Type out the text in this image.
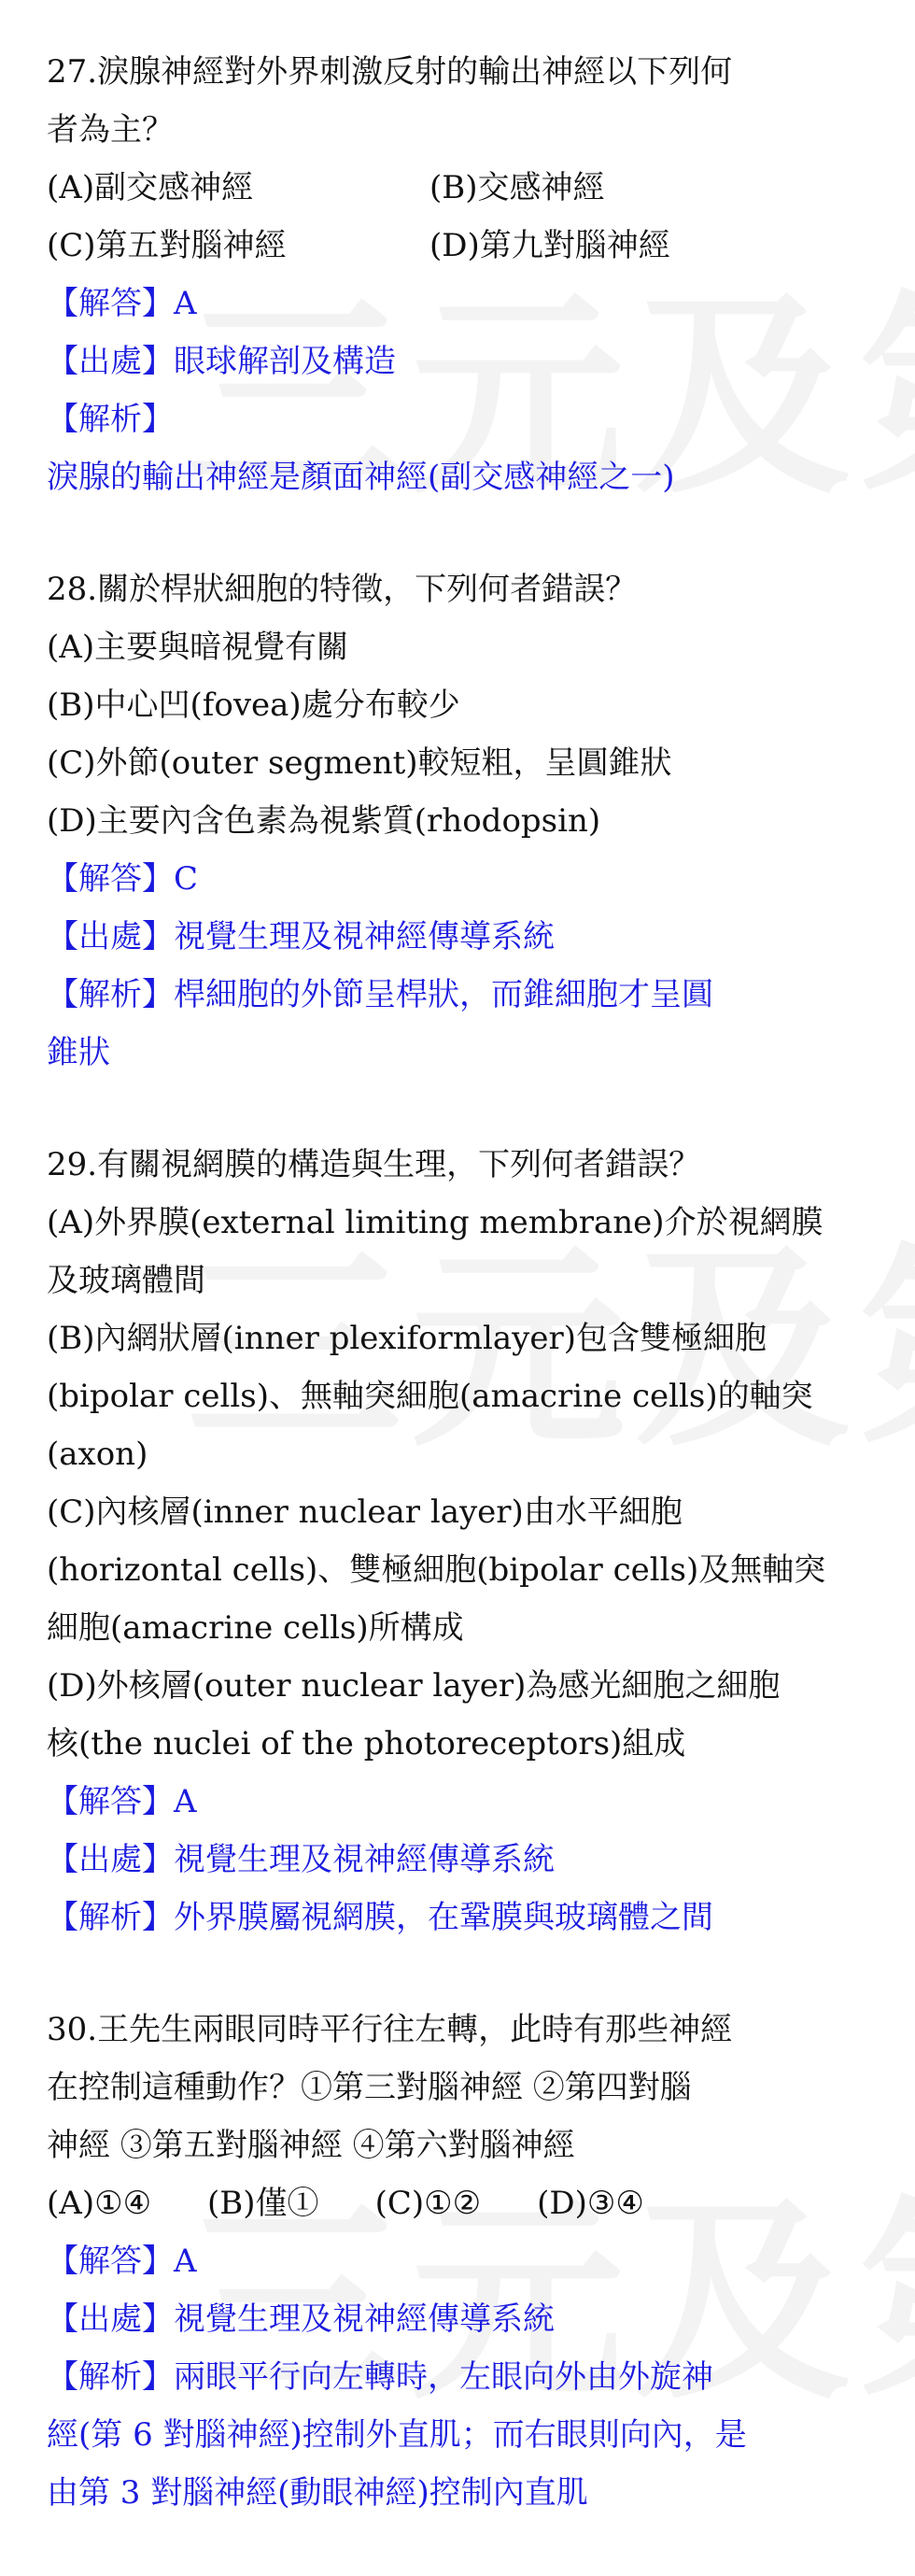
27.淚腺神經對外界刺激反射的輸出神經以下列何
者為主？
(A)副交感神經	(B)交感神經
(C)第五對腦神經	(D)第九對腦神經
【解答】A
【出處】眼球解剖及構造
【解析】
淚腺的輸出神經是顏面神經(副交感神經之一)
28.關於桿狀細胞的特徵，下列何者錯誤？
(A)主要與暗視覺有關
(B)中心凹(fovea)處分布較少
(C)外節(outer segment)較短粗，呈圓錐狀
(D)主要內含色素為視紫質(rhodopsin)
【解答】C
【出處】視覺生理及視神經傳導系統
【解析】桿細胞的外節呈桿狀，而錐細胞才呈圓
錐狀
29.有關視網膜的構造與生理，下列何者錯誤？
(A)外界膜(external limiting membrane)介於視網膜
及玻璃體間
(B)內網狀層(inner plexiformlayer)包含雙極細胞
(bipolar cells)、無軸突細胞(amacrine cells)的軸突
(axon)
(C)內核層(inner nuclear layer)由水平細胞
(horizontal cells)、雙極細胞(bipolar cells)及無軸突
細胞(amacrine cells)所構成
(D)外核層(outer nuclear layer)為感光細胞之細胞
核(the nuclei of the photoreceptors)組成
【解答】A
【出處】視覺生理及視神經傳導系統
【解析】外界膜屬視網膜，在鞏膜與玻璃體之間
30.王先生兩眼同時平行往左轉，此時有那些神經
在控制這種動作？①第三對腦神經 ②第四對腦
神經 ③第五對腦神經 ④第六對腦神經
(A)①④ (B)僅① (C)①② (D)③④
【解答】A
【出處】視覺生理及視神經傳導系統
【解析】兩眼平行向左轉時，左眼向外由外旋神
經(第 6 對腦神經)控制外直肌；而右眼則向內，是
由第 3 對腦神經(動眼神經)控制內直肌
